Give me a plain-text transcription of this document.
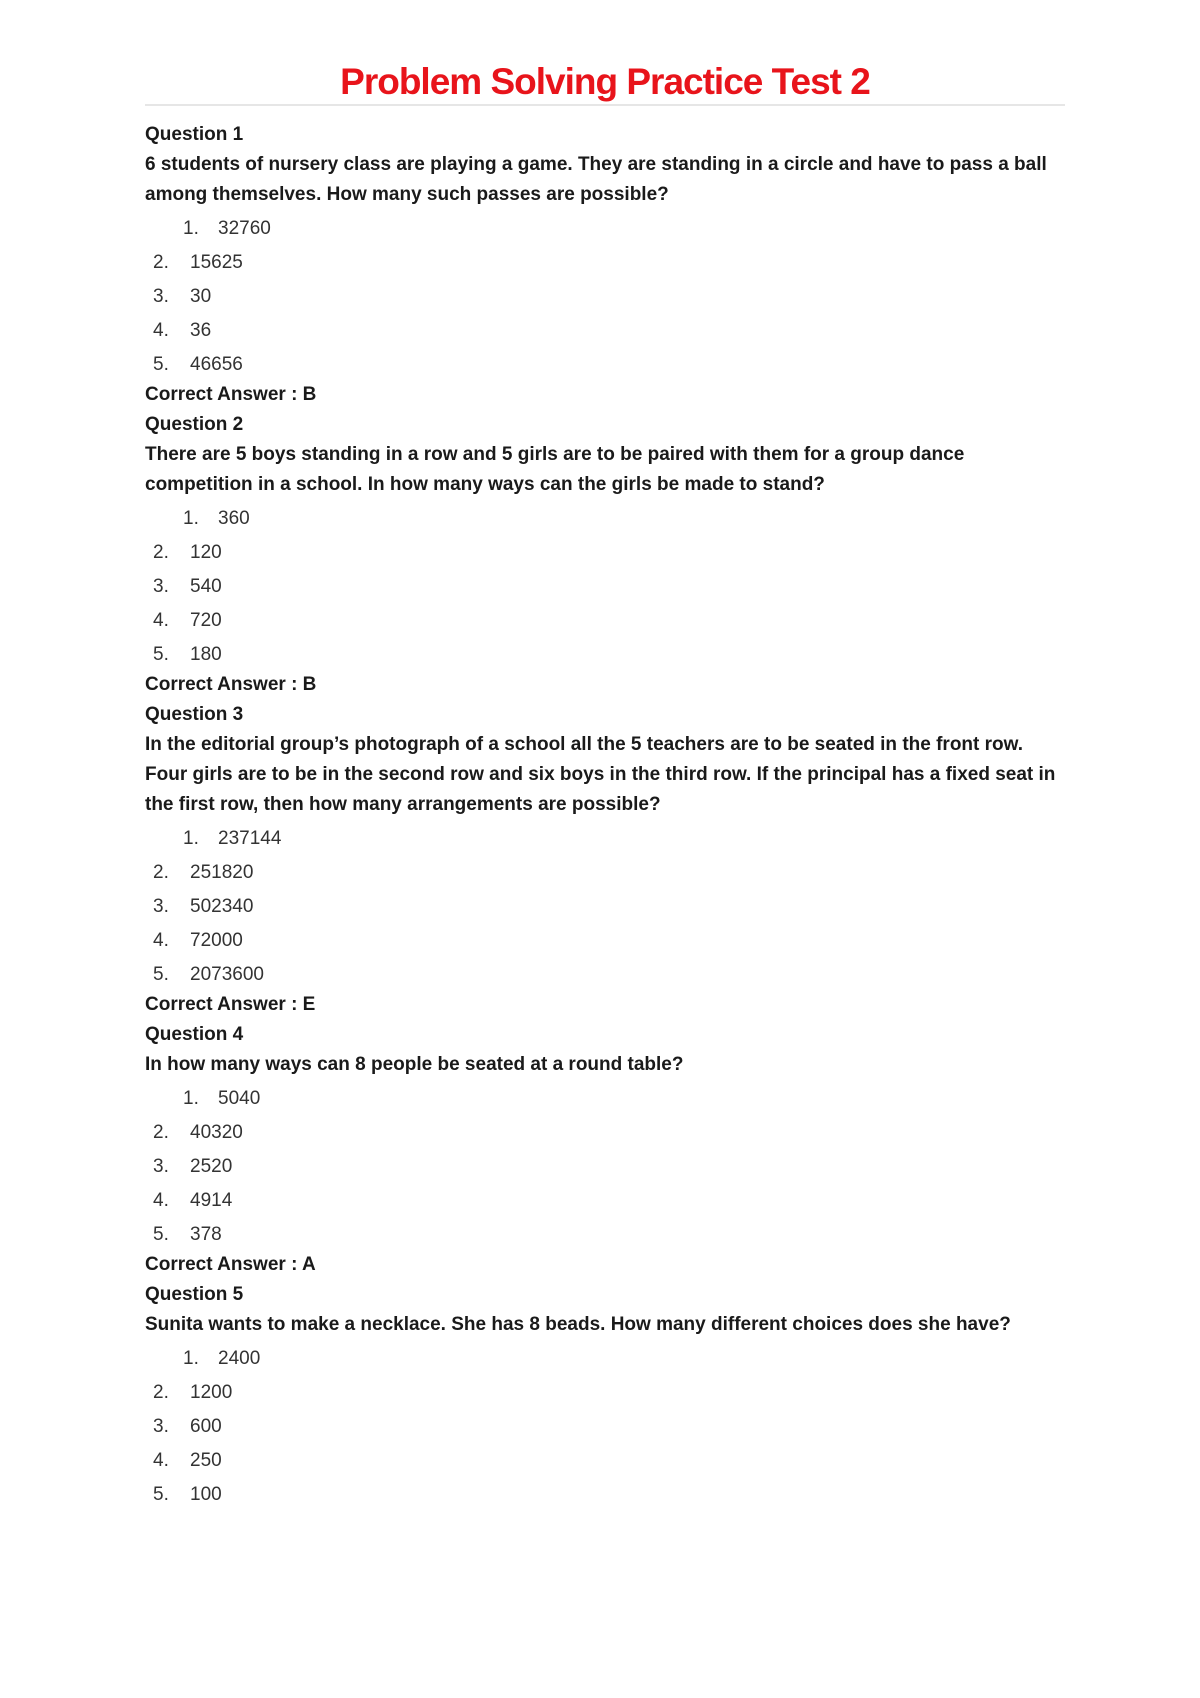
Problem Solving Practice Test 2
Question 1

6 students of nursery class are playing a game. They are standing in a circle and have to pass a ball among themselves. How many such passes are possible?

1.	32760
2.	15625
3.	30
4.	36
5.	46656
Correct Answer : B
Question 2

There are 5 boys standing in a row and 5 girls are to be paired with them for a group dance competition in a school. In how many ways can the girls be made to stand?

1.	360
2.	120
3.	540
4.	720
5.	180
Correct Answer : B
Question 3

In the editorial group’s photograph of a school all the 5 teachers are to be seated in the front row. Four girls are to be in the second row and six boys in the third row. If the principal has a fixed seat in the first row, then how many arrangements are possible?

1.	237144
2.	251820
3.	502340
4.	72000
5.	2073600
Correct Answer : E
Question 4

In how many ways can 8 people be seated at a round table?

1.	5040
2.	40320
3.	2520
4.	4914
5.	378
Correct Answer : A
Question 5

Sunita wants to make a necklace. She has 8 beads. How many different choices does she have?

1.	2400
2.	1200
3.	600
4.	250
5.	100
